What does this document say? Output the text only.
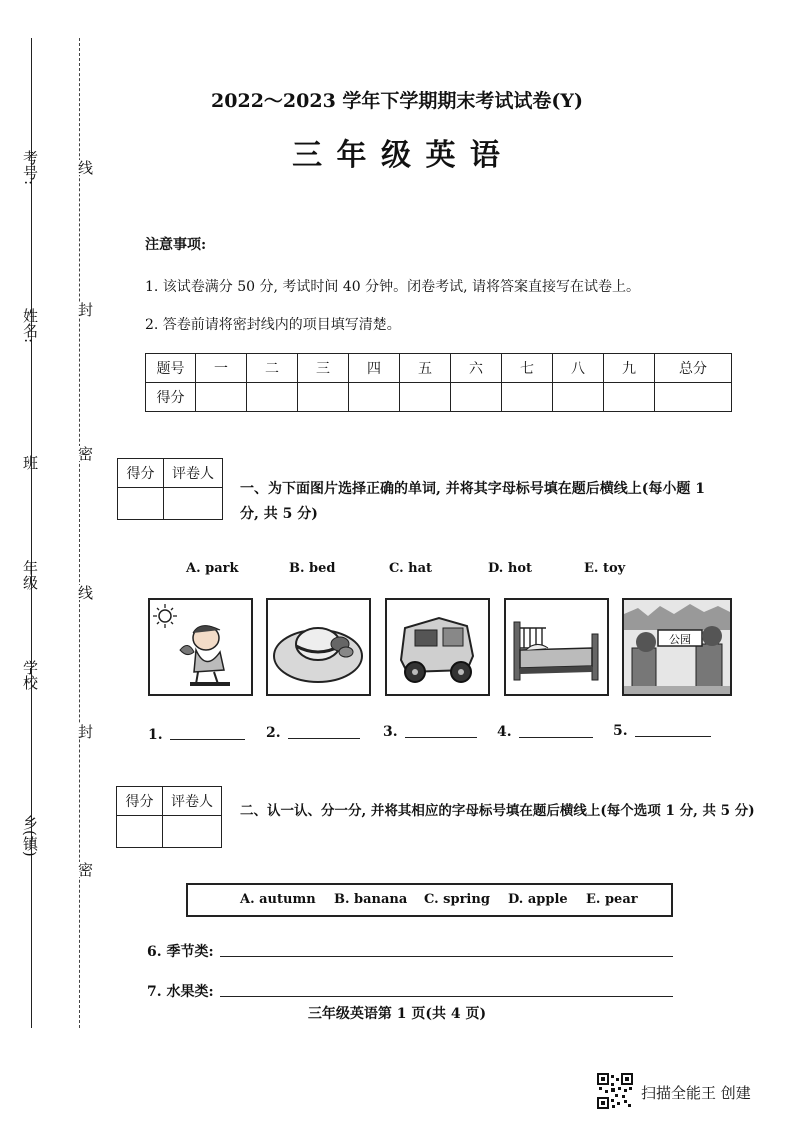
考号:
姓名:
班
年级
学校
乡(镇)
线
封
密
线
封
密
2022～2023 学年下学期期末考试试卷(Y)
三 年 级 英 语
注意事项:
1. 该试卷满分 50 分, 考试时间 40 分钟。闭卷考试, 请将答案直接写在试卷上。
2. 答卷前请将密封线内的项目填写清楚。
题号	一	二	三	四	五	六	七	八	九	总分
得分										
得分	评卷人

一、为下面图片选择正确的单词, 并将其字母标号填在题后横线上(每小题 1
分, 共 5 分)
A. park	B. bed	C. hat	D. hot	E. toy
公园
1.	2.	3.	4.	5.
得分	评卷人

二、认一认、分一分, 并将其相应的字母标号填在题后横线上(每个选项 1 分, 共 5 分)
A. autumn B. banana C. spring D. apple E. pear
6. 季节类:
7. 水果类:
三年级英语第 1 页(共 4 页)
扫描全能王 创建
